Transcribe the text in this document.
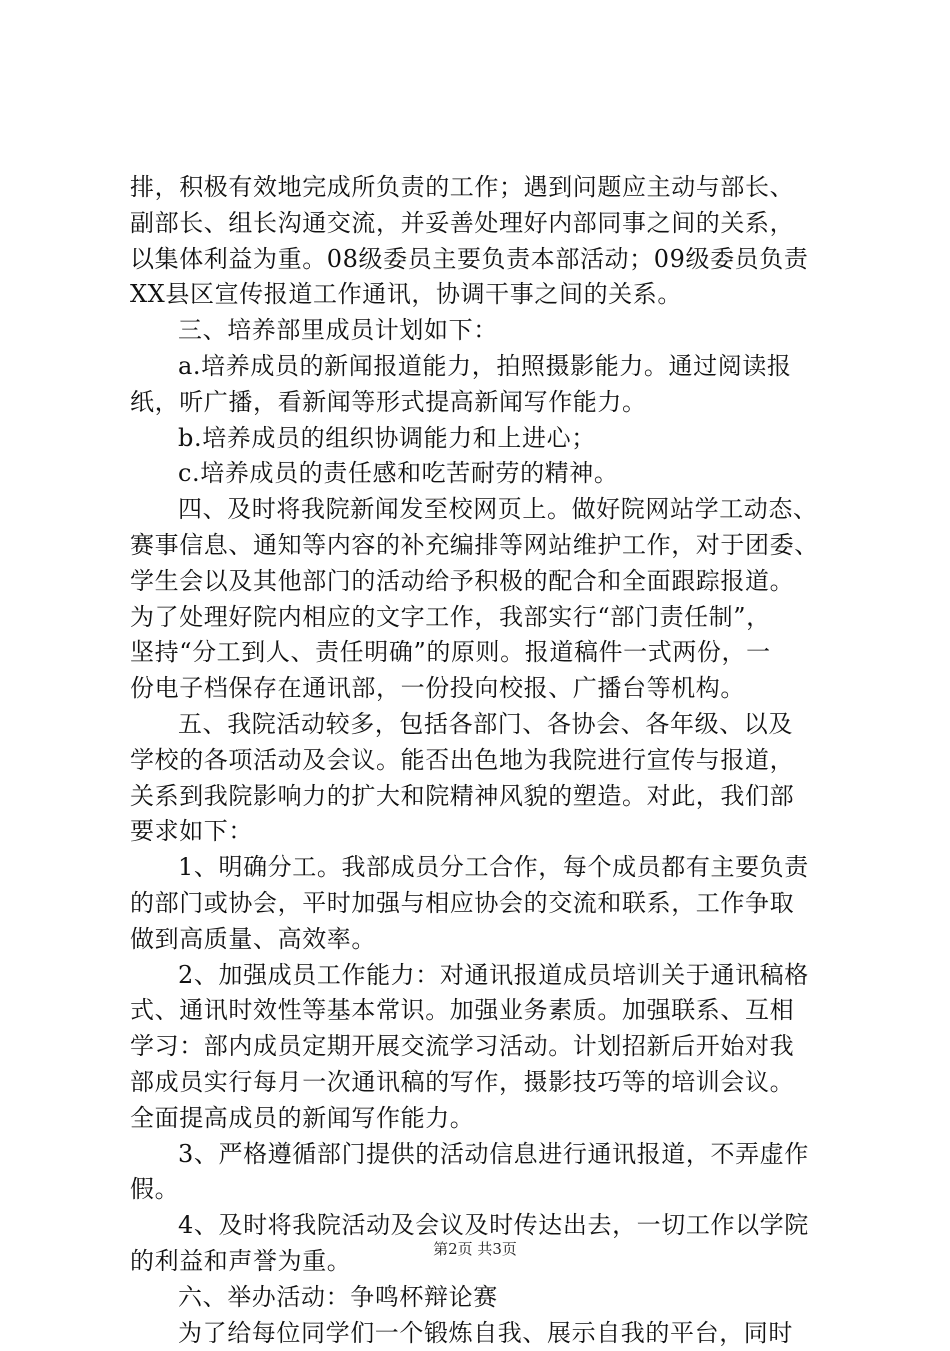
排，积极有效地完成所负责的工作；遇到问题应主动与部长、
副部长、组长沟通交流，并妥善处理好内部同事之间的关系，
以集体利益为重。08级委员主要负责本部活动；09级委员负责
XX县区宣传报道工作通讯，协调干事之间的关系。
三、培养部里成员计划如下：
a.培养成员的新闻报道能力，拍照摄影能力。通过阅读报
纸，听广播，看新闻等形式提高新闻写作能力。
b.培养成员的组织协调能力和上进心；
c.培养成员的责任感和吃苦耐劳的精神。
四、及时将我院新闻发至校网页上。做好院网站学工动态、
赛事信息、通知等内容的补充编排等网站维护工作，对于团委、
学生会以及其他部门的活动给予积极的配合和全面跟踪报道。
为了处理好院内相应的文字工作，我部实行“部门责任制”，
坚持“分工到人、责任明确”的原则。报道稿件一式两份，一
份电子档保存在通讯部，一份投向校报、广播台等机构。
五、我院活动较多，包括各部门、各协会、各年级、以及
学校的各项活动及会议。能否出色地为我院进行宣传与报道，
关系到我院影响力的扩大和院精神风貌的塑造。对此，我们部
要求如下：
1、明确分工。我部成员分工合作，每个成员都有主要负责
的部门或协会，平时加强与相应协会的交流和联系，工作争取
做到高质量、高效率。
2、加强成员工作能力：对通讯报道成员培训关于通讯稿格
式、通讯时效性等基本常识。加强业务素质。加强联系、互相
学习：部内成员定期开展交流学习活动。计划招新后开始对我
部成员实行每月一次通讯稿的写作，摄影技巧等的培训会议。
全面提高成员的新闻写作能力。
3、严格遵循部门提供的活动信息进行通讯报道，不弄虚作
假。
4、及时将我院活动及会议及时传达出去，一切工作以学院
的利益和声誉为重。
六、举办活动：争鸣杯辩论赛
为了给每位同学们一个锻炼自我、展示自我的平台，同时
第2页 共3页
